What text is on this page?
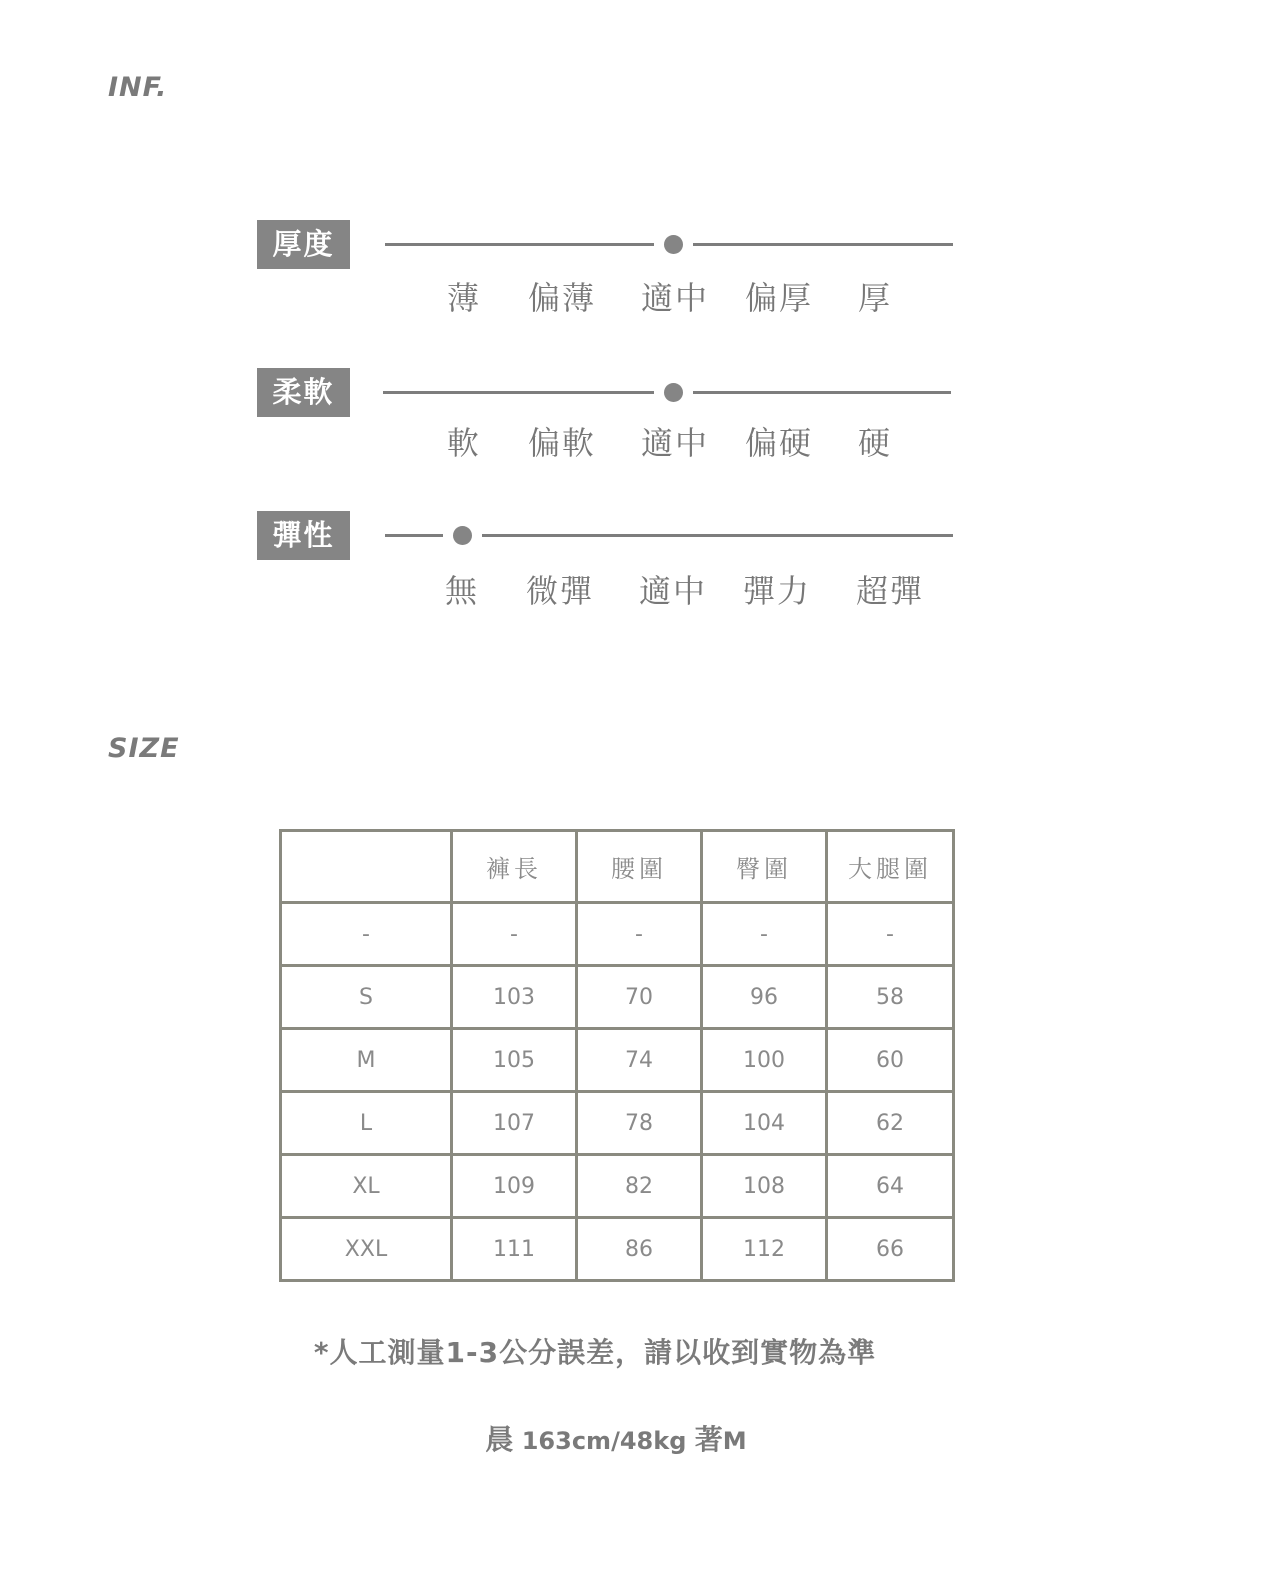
INF.
厚度
薄 偏薄 適中 偏厚 厚
柔軟
軟 偏軟 適中 偏硬 硬
彈性
無 微彈 適中 彈力 超彈
SIZE
	褲長	腰圍	臀圍	大腿圍
-	-	-	-	-
S	103	70	96	58
M	105	74	100	60
L	107	78	104	62
XL	109	82	108	64
XXL	111	86	112	66
*人工測量1-3公分誤差，請以收到實物為準
晨 163cm/48kg 著M
